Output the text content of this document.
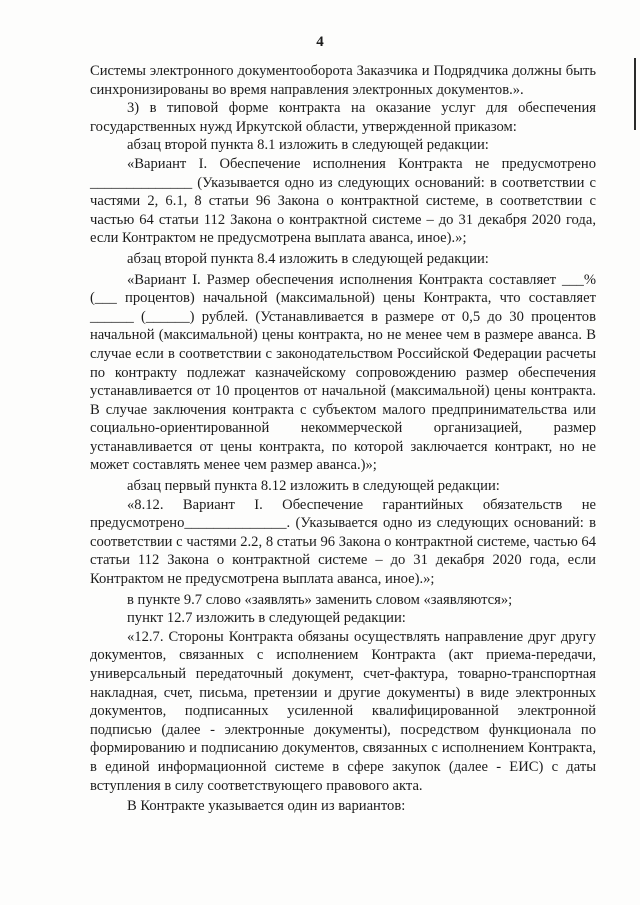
4

Системы электронного документооборота Заказчика и Подрядчика должны быть синхронизированы во время направления электронных документов.».

3) в типовой форме контракта на оказание услуг для обеспечения государственных нужд Иркутской области, утвержденной приказом:

абзац второй пункта 8.1 изложить в следующей редакции:

«Вариант I. Обеспечение исполнения Контракта не предусмотрено ______________ (Указывается одно из следующих оснований: в соответствии с частями 2, 6.1, 8 статьи 96 Закона о контрактной системе, в соответствии с частью 64 статьи 112 Закона о контрактной системе – до 31 декабря 2020 года, если Контрактом не предусмотрена выплата аванса, иное).»;

абзац второй пункта 8.4 изложить в следующей редакции:

«Вариант I. Размер обеспечения исполнения Контракта составляет ___% (___ процентов) начальной (максимальной) цены Контракта, что составляет ______ (______) рублей. (Устанавливается в размере от 0,5 до 30 процентов начальной (максимальной) цены контракта, но не менее чем в размере аванса. В случае если в соответствии с законодательством Российской Федерации расчеты по контракту подлежат казначейскому сопровождению размер обеспечения устанавливается от 10 процентов от начальной (максимальной) цены контракта. В случае заключения контракта с субъектом малого предпринимательства или социально-ориентированной некоммерческой организацией, размер устанавливается от цены контракта, по которой заключается контракт, но не может составлять менее чем размер аванса.)»;

абзац первый пункта 8.12 изложить в следующей редакции:

«8.12. Вариант I. Обеспечение гарантийных обязательств не предусмотрено______________. (Указывается одно из следующих оснований: в соответствии с частями 2.2, 8 статьи 96 Закона о контрактной системе, частью 64 статьи 112 Закона о контрактной системе – до 31 декабря 2020 года, если Контрактом не предусмотрена выплата аванса, иное).»;

в пункте 9.7 слово «заявлять» заменить словом «заявляются»;

пункт 12.7 изложить в следующей редакции:

«12.7. Стороны Контракта обязаны осуществлять направление друг другу документов, связанных с исполнением Контракта (акт приема-передачи, универсальный передаточный документ, счет-фактура, товарно-транспортная накладная, счет, письма, претензии и другие документы) в виде электронных документов, подписанных усиленной квалифицированной электронной подписью (далее - электронные документы), посредством функционала по формированию и подписанию документов, связанных с исполнением Контракта, в единой информационной системе в сфере закупок (далее - ЕИС) с даты вступления в силу соответствующего правового акта.

В Контракте указывается один из вариантов:
